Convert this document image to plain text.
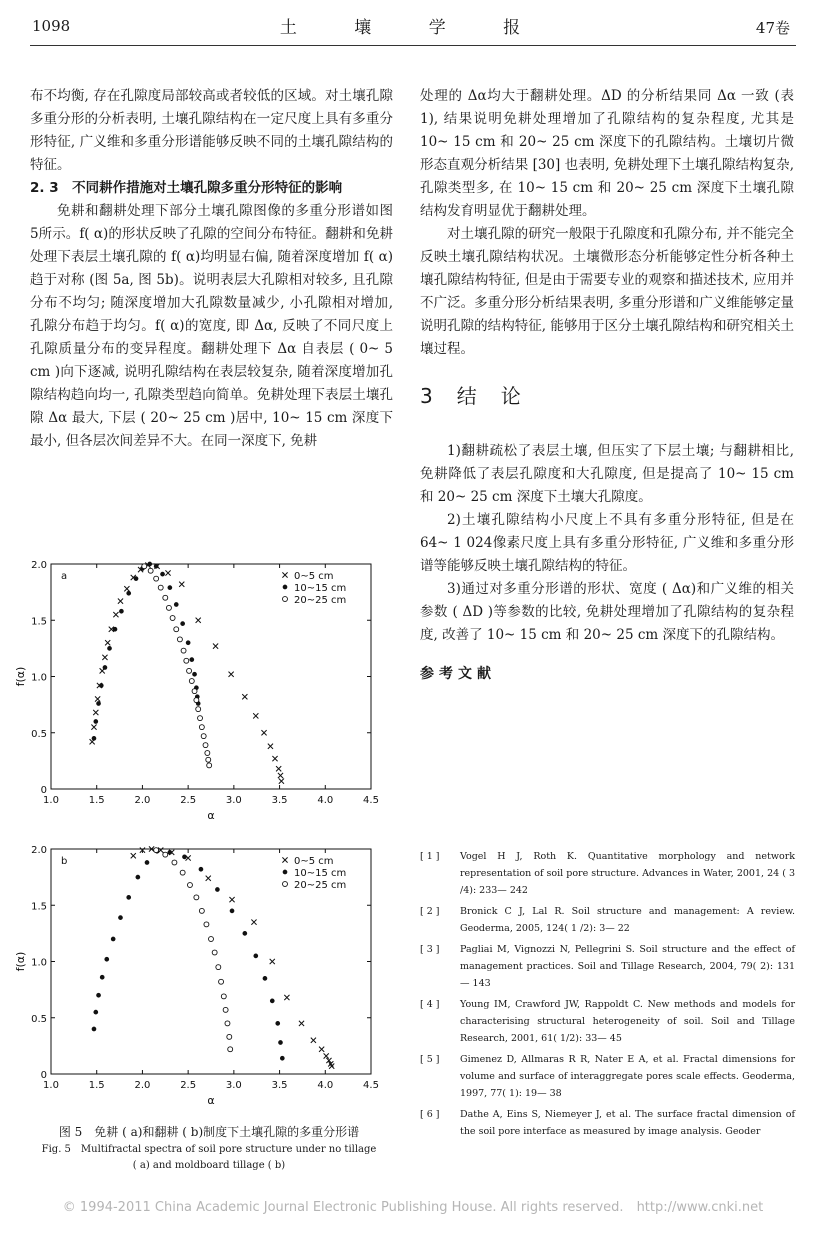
1098	土 壤 学 报	47卷

布不均衡, 存在孔隙度局部较高或者较低的区域。对土壤孔隙多重分形的分析表明, 土壤孔隙结构在一定尺度上具有多重分形特征, 广义维和多重分形谱能够反映不同的土壤孔隙结构的特征。

2. 3　不同耕作措施对土壤孔隙多重分形特征的影响

免耕和翻耕处理下部分土壤孔隙图像的多重分形谱如图 5所示。f( α)的形状反映了孔隙的空间分布特征。翻耕和免耕处理下表层土壤孔隙的 f( α)均明显右偏, 随着深度增加 f( α)趋于对称 (图 5a, 图 5b)。说明表层大孔隙相对较多, 且孔隙分布不均匀; 随深度增加大孔隙数量减少, 小孔隙相对增加, 孔隙分布趋于均匀。f( α)的宽度, 即 Δα, 反映了不同尺度上孔隙质量分布的变异程度。翻耕处理下 Δα 自表层 ( 0~ 5 cm )向下逐减, 说明孔隙结构在表层较复杂, 随着深度增加孔隙结构趋向均一, 孔隙类型趋向简单。免耕处理下表层土壤孔隙 Δα 最大, 下层 ( 20~ 25 cm )居中, 10~ 15 cm 深度下最小, 但各层次间差异不大。在同一深度下, 免耕

处理的 Δα均大于翻耕处理。ΔD 的分析结果同 Δα 一致 (表 1), 结果说明免耕处理增加了孔隙结构的复杂程度, 尤其是 10~ 15 cm 和 20~ 25 cm 深度下的孔隙结构。土壤切片微形态直观分析结果 [30] 也表明, 免耕处理下土壤孔隙结构复杂, 孔隙类型多, 在 10~ 15 cm 和 20~ 25 cm 深度下土壤孔隙结构发育明显优于翻耕处理。

对土壤孔隙的研究一般限于孔隙度和孔隙分布, 并不能完全反映土壤孔隙结构状况。土壤微形态分析能够定性分析各种土壤孔隙结构特征, 但是由于需要专业的观察和描述技术, 应用并不广泛。多重分形分析结果表明, 多重分形谱和广义维能够定量说明孔隙的结构特征, 能够用于区分土壤孔隙结构和研究相关土壤过程。

3　结　论

1)翻耕疏松了表层土壤, 但压实了下层土壤; 与翻耕相比, 免耕降低了表层孔隙度和大孔隙度, 但是提高了 10~ 15 cm 和 20~ 25 cm 深度下土壤大孔隙度。

2)土壤孔隙结构小尺度上不具有多重分形特征, 但是在 64~ 1 024像素尺度上具有多重分形特征, 广义维和多重分形谱等能够反映土壤孔隙结构的特征。

3)通过对多重分形谱的形状、宽度 ( Δα)和广义维的相关参数 ( ΔD )等参数的比较, 免耕处理增加了孔隙结构的复杂程度, 改善了 10~ 15 cm 和 20~ 25 cm 深度下的孔隙结构。

参考文献

[ 1 ] Vogel H J, Roth K. Quantitative morphology and network representation of soil pore structure. Advances in Water, 2001, 24 ( 3 /4): 233— 242
[ 2 ] Bronick C J, Lal R. Soil structure and management: A review. Geoderma, 2005, 124( 1 /2): 3— 22
[ 3 ] Pagliai M, Vignozzi N, Pellegrini S. Soil structure and the effect of management practices. Soil and Tillage Research, 2004, 79( 2): 131— 143
[ 4 ] Young IM, Crawford JW, Rappoldt C. New methods and models for characterising structural heterogeneity of soil. Soil and Tillage Research, 2001, 61( 1/2): 33— 45
[ 5 ] Gimenez D, Allmaras R R, Nater E A, et al. Fractal dimensions for volume and surface of interaggregate pores scale effects. Geoderma, 1997, 77( 1): 19— 38
[ 6 ] Dathe A, Eins S, Niemeyer J, et al. The surface fractal dimension of the soil pore interface as measured by image analysis. Geoder
1.0	1.5	2.0	2.5	3.0	3.5	4.0	4.5
0
0.5
1.0
1.5
2.0
α
f(α)
a	0~5 cm
10~15 cm
20~25 cm
1.0	1.5	2.0	2.5	3.0	3.5	4.0	4.5
0
0.5
1.0
1.5
2.0
α
f(α)
b	0~5 cm
10~15 cm
20~25 cm
图 5　免耕 ( a)和翻耕 ( b)制度下土壤孔隙的多重分形谱
Fig. 5　Multifractal spectra of soil pore structure under no tillage
( a) and moldboard tillage ( b)
© 1994-2011 China Academic Journal Electronic Publishing House. All rights reserved.　http://www.cnki.net
